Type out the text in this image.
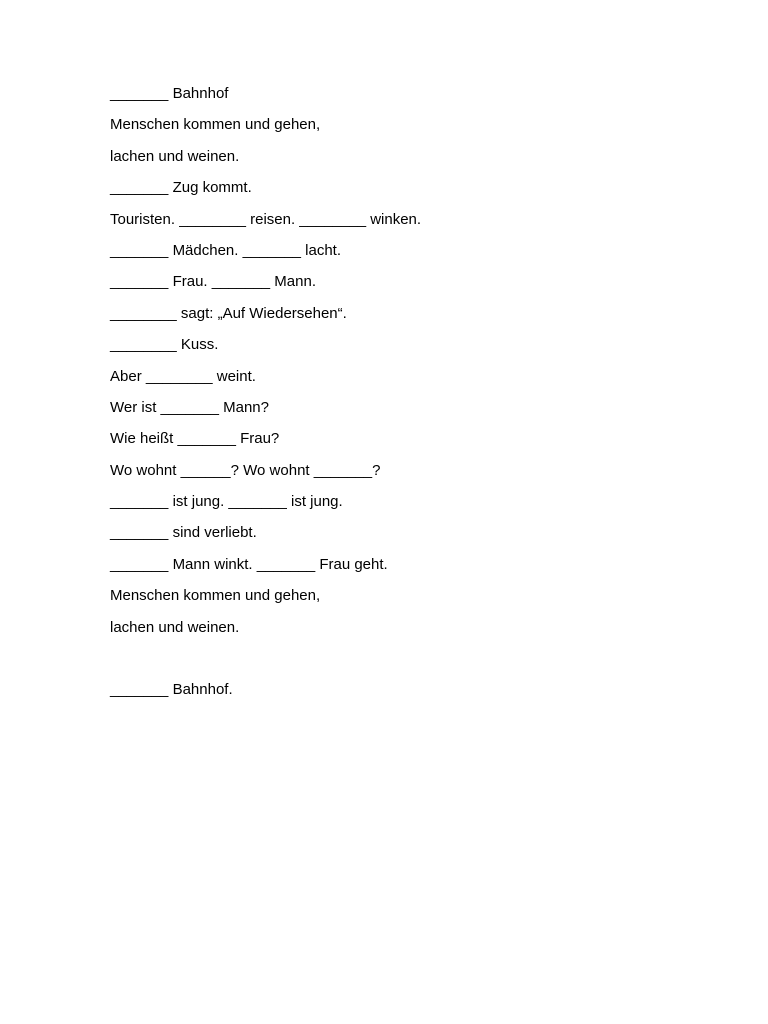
_______ Bahnhof
Menschen kommen und gehen,
lachen und weinen.
_______ Zug kommt.
Touristen. ________ reisen. ________ winken.
_______ Mädchen. _______ lacht.
_______ Frau. _______ Mann.
________ sagt: „Auf Wiedersehen“.
________ Kuss.
Aber ________ weint.
Wer ist _______ Mann?
Wie heißt _______ Frau?
Wo wohnt ______? Wo wohnt _______?
_______ ist jung. _______ ist jung.
_______ sind verliebt.
_______ Mann winkt. _______ Frau geht.
Menschen kommen und gehen,
lachen und weinen.
_______ Bahnhof.
